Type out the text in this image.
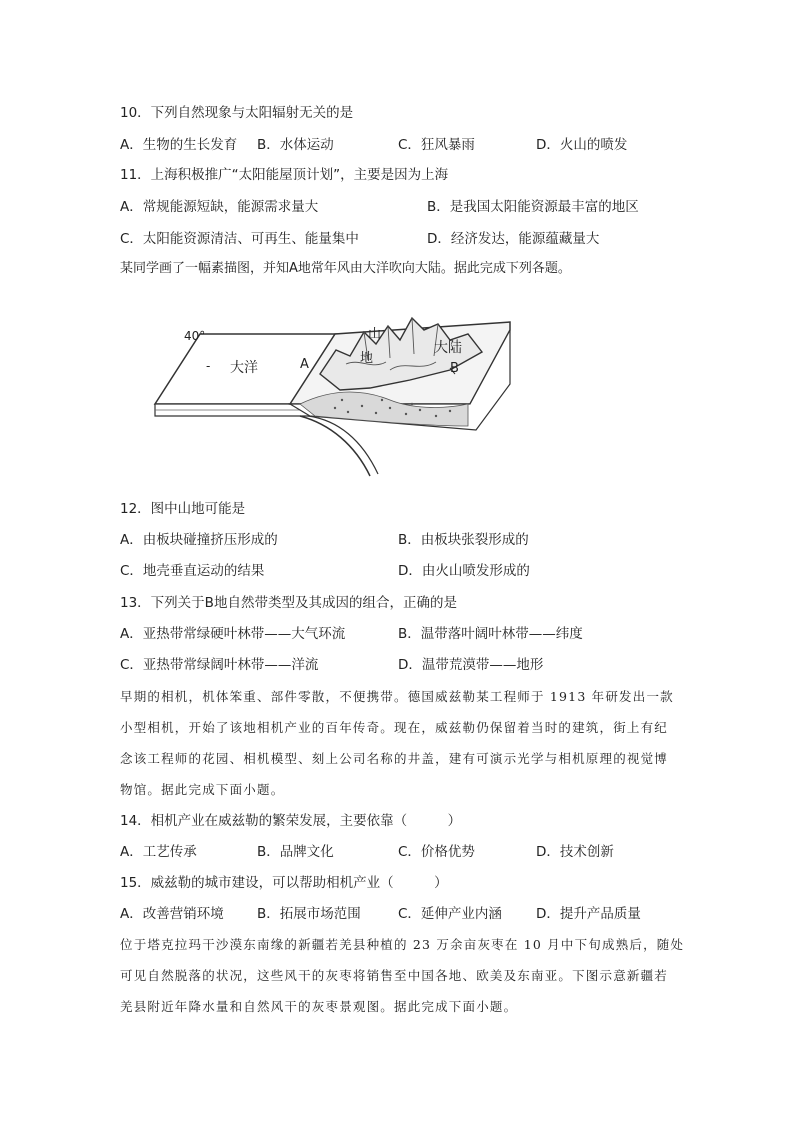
10．下列自然现象与太阳辐射无关的是
A．生物的生长发育 B．水体运动	C．狂风暴雨	D．火山的喷发
11．上海积极推广“太阳能屋顶计划”，主要是因为上海
A．常规能源短缺，能源需求量大	B．是我国太阳能资源最丰富的地区
C．太阳能资源清洁、可再生、能量集中	D．经济发达，能源蕴藏量大
某同学画了一幅素描图，并知A地常年风由大洋吹向大陆。据此完成下列各题。
40°
大洋	A
山
地
大陆
B
-
12．图中山地可能是
A．由板块碰撞挤压形成的	B．由板块张裂形成的
C．地壳垂直运动的结果	D．由火山喷发形成的
13．下列关于B地自然带类型及其成因的组合，正确的是
A．亚热带常绿硬叶林带——大气环流	B．温带落叶阔叶林带——纬度
C．亚热带常绿阔叶林带——洋流	D．温带荒漠带——地形
早期的相机，机体笨重、部件零散，不便携带。德国威兹勒某工程师于 1913 年研发出一款
小型相机，开始了该地相机产业的百年传奇。现在，威兹勒仍保留着当时的建筑，街上有纪
念该工程师的花园、相机模型、刻上公司名称的井盖，建有可演示光学与相机原理的视觉博
物馆。据此完成下面小题。
14．相机产业在威兹勒的繁荣发展，主要依靠（　　　）
A．工艺传承	B．品牌文化	C．价格优势	D．技术创新
15．威兹勒的城市建设，可以帮助相机产业（　　　）
A．改善营销环境 B．拓展市场范围	C．延伸产业内涵	D．提升产品质量
位于塔克拉玛干沙漠东南缘的新疆若羌县种植的 23 万余亩灰枣在 10 月中下旬成熟后，随处
可见自然脱落的状况，这些风干的灰枣将销售至中国各地、欧美及东南亚。下图示意新疆若
羌县附近年降水量和自然风干的灰枣景观图。据此完成下面小题。
